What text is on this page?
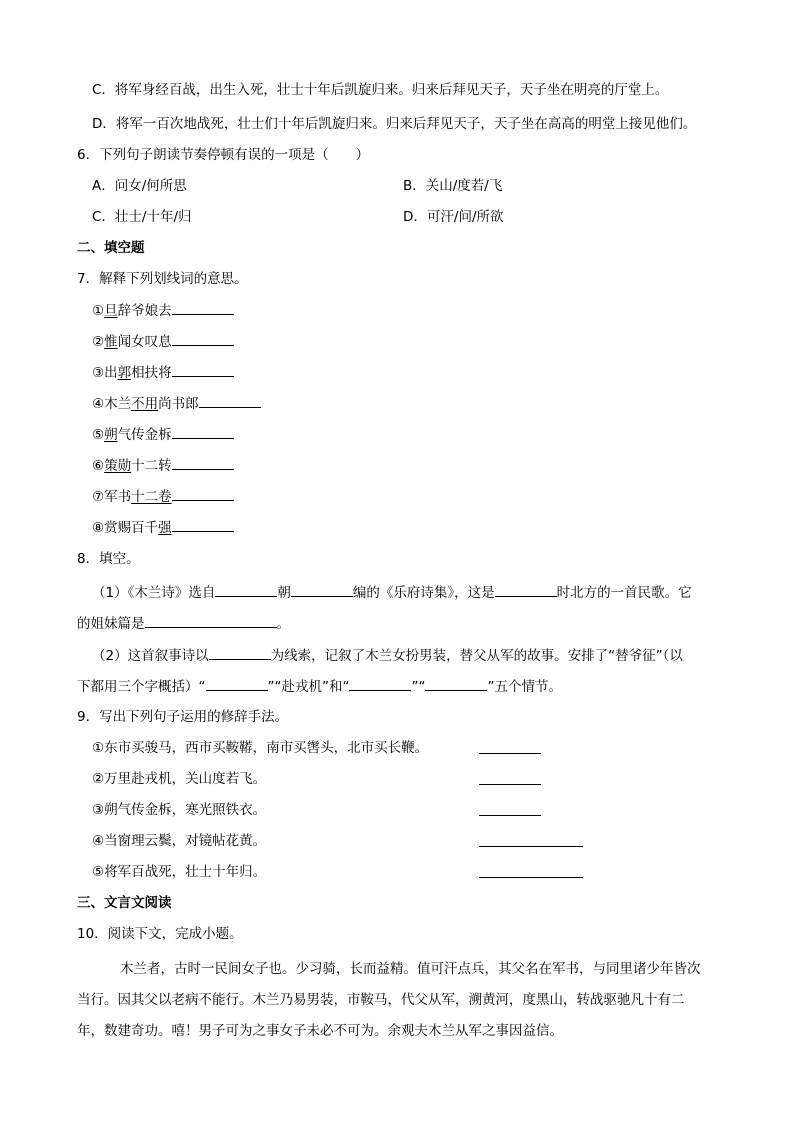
C．将军身经百战，出生入死，壮士十年后凯旋归来。归来后拜见天子，天子坐在明亮的厅堂上。
D．将军一百次地战死，壮士们十年后凯旋归来。归来后拜见天子，天子坐在高高的明堂上接见他们。
6．下列句子朗读节奏停顿有误的一项是（　　）
A．问女/何所思	B．关山/度若/飞
C．壮士/十年/归	D．可汗/问/所欲
二、填空题
7．解释下列划线词的意思。
①旦辞爷娘去
②惟闻女叹息
③出郭相扶将
④木兰不用尚书郎
⑤朔气传金柝
⑥策勋十二转
⑦军书十二卷
⑧赏赐百千强
8．填空。
（1）《木兰诗》选自	朝	编的《乐府诗集》，这是	时北方的一首民歌。它
的姐妹篇是	。
（2）这首叙事诗以	为线索，记叙了木兰女扮男装，替父从军的故事。安排了“替爷征”（以
下都用三个字概括）“	”“赴戎机”和“	”“	”五个情节。
9．写出下列句子运用的修辞手法。
①东市买骏马，西市买鞍鞯，南市买辔头，北市买长鞭。
②万里赴戎机，关山度若飞。
③朔气传金柝，寒光照铁衣。
④当窗理云鬓，对镜帖花黄。
⑤将军百战死，壮士十年归。
三、文言文阅读
10．阅读下文，完成小题。
木兰者，古时一民间女子也。少习骑，长而益精。值可汗点兵，其父名在军书，与同里诸少年皆次
当行。因其父以老病不能行。木兰乃易男装，市鞍马，代父从军，溯黄河，度黑山，转战驱驰凡十有二
年，数建奇功。嘻！男子可为之事女子未必不可为。余观夫木兰从军之事因益信。
